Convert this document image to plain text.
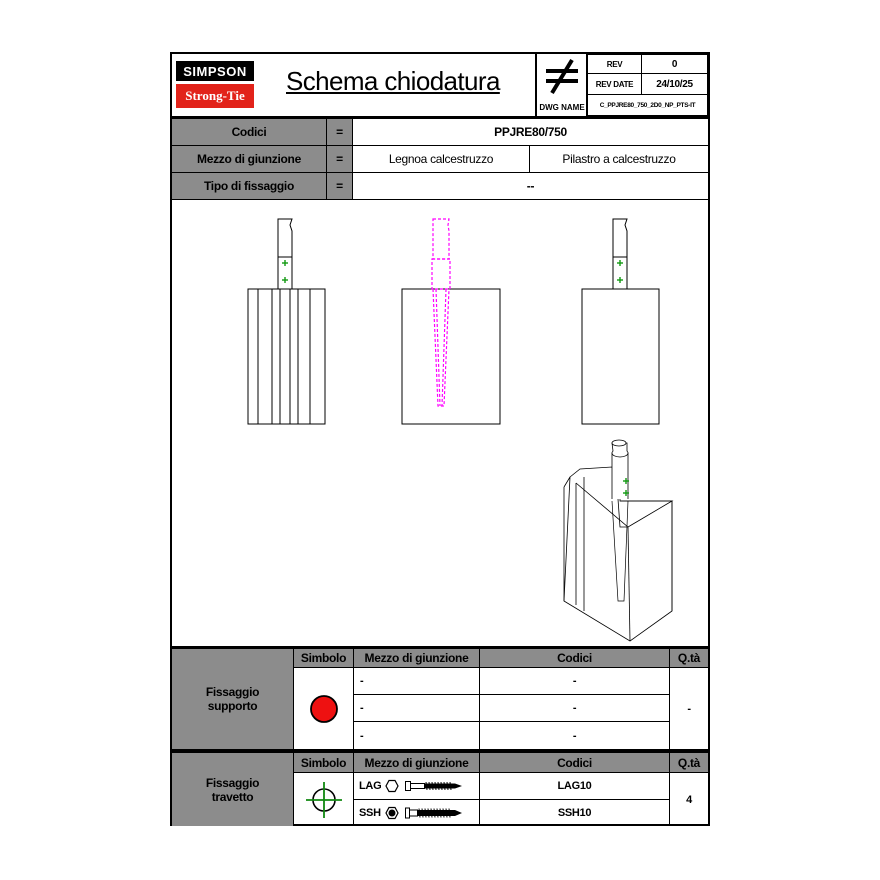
SIMPSON
Strong-Tie	Schema chiodatura
DWG NAME
REV	0
REV DATE	24/10/25
C_PPJRE80_750_2D0_NP_PTS-IT
Codici	=	PPJRE80/750
Mezzo di giunzione	=	Legnoa calcestruzzo	Pilastro a calcestruzzo
Tipo di fissaggio	=	--
Fissaggio supporto
Simbolo	Mezzo di giunzione	Codici	Q.tà
-	-
-	-
-	-
-
Fissaggio travetto
Simbolo	Mezzo di giunzione	Codici	Q.tà
LAG	LAG10
SSH	SSH10
4
